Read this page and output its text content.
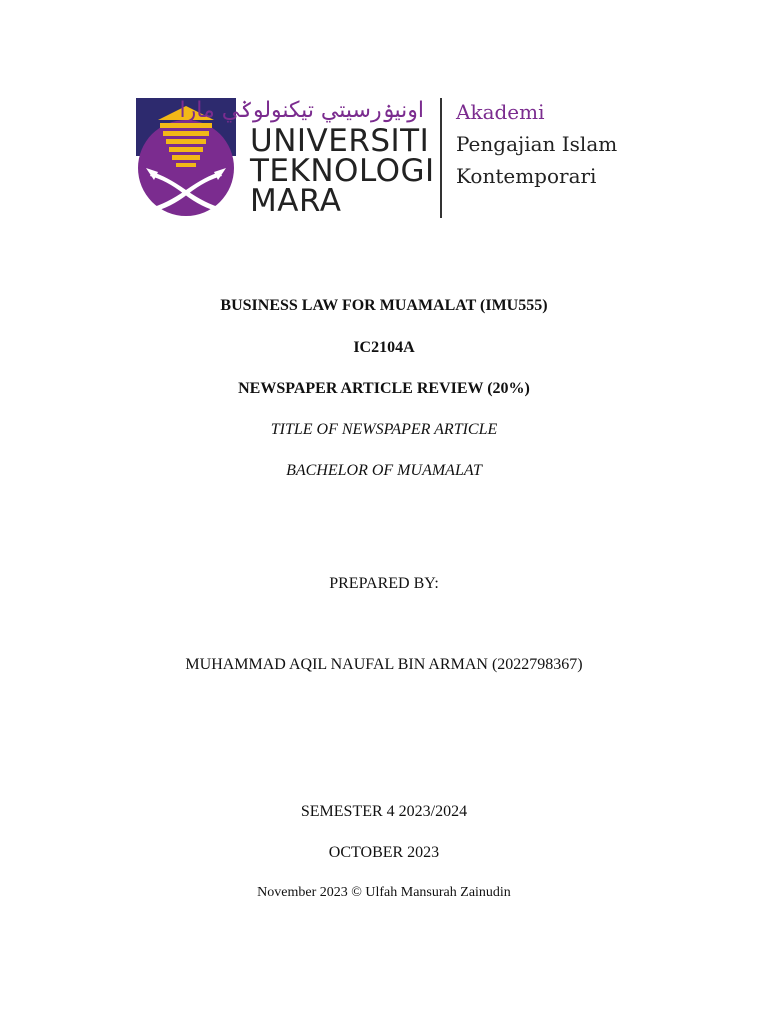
اونيۏرسيتي تيكنولوݢي مارا
UNIVERSITI
TEKNOLOGI
MARA
Akademi
Pengajian Islam
Kontemporari
BUSINESS LAW FOR MUAMALAT (IMU555)
IC2104A
NEWSPAPER ARTICLE REVIEW (20%)
TITLE OF NEWSPAPER ARTICLE
BACHELOR OF MUAMALAT
PREPARED BY:
MUHAMMAD AQIL NAUFAL BIN ARMAN (2022798367)
SEMESTER 4 2023/2024
OCTOBER 2023
November 2023 © Ulfah Mansurah Zainudin
